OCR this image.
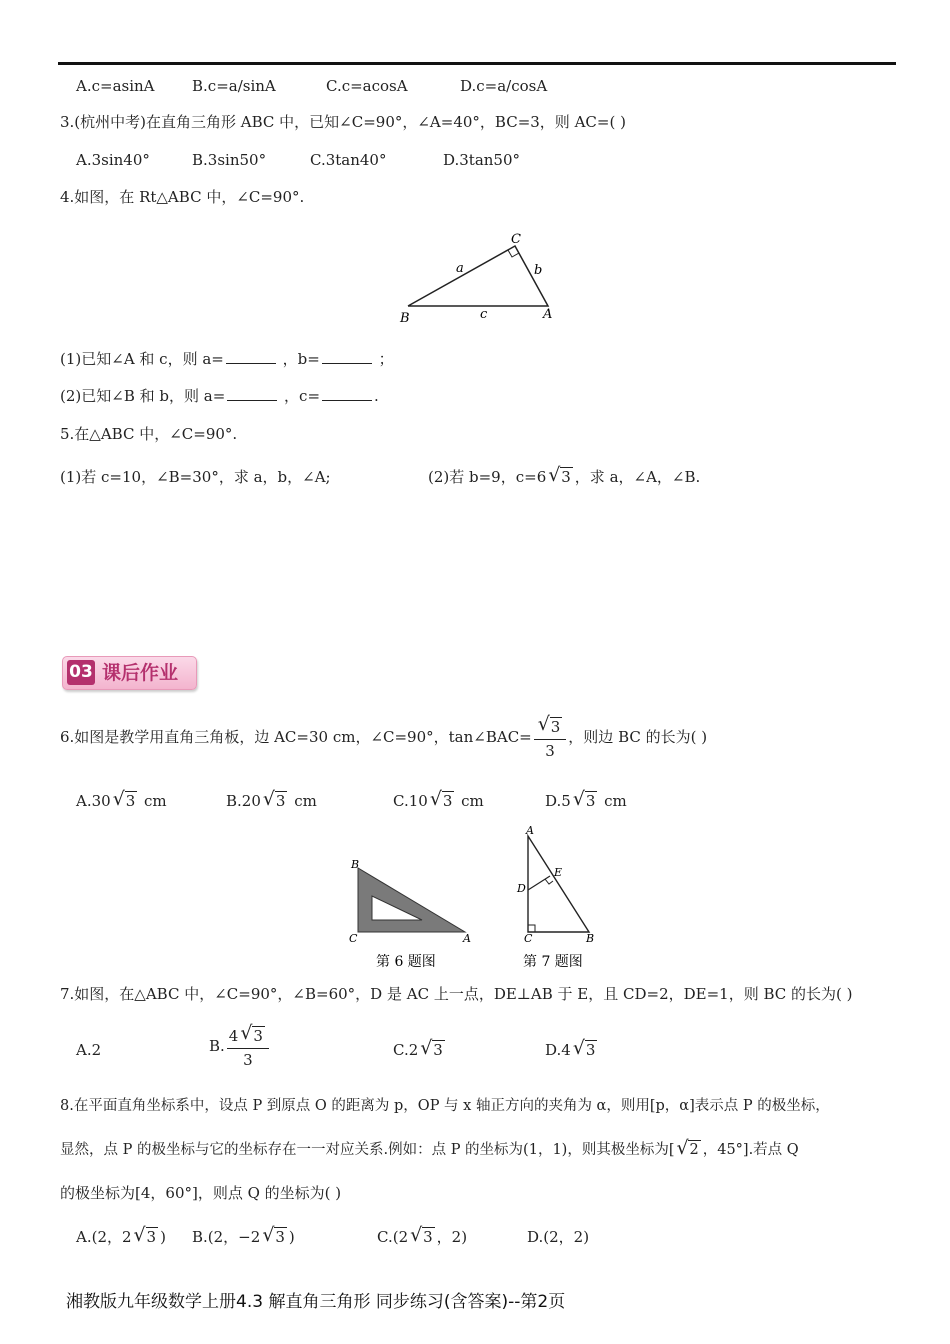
A.c=asinA B.c=a/sinA	C.c=acosA	D.c=a/cosA
3.(杭州中考)在直角三角形 ABC 中，已知∠C=90°，∠A=40°，BC=3，则 AC=( )
A.3sin40°	B.3sin50°	C.3tan40°	D.3tan50°
4.如图，在 Rt△ABC 中，∠C=90°.
C
a	b
B	c	A
(1)已知∠A 和 c，则 a=	，b=	；
(2)已知∠B 和 b，则 a=	，c=	.
5.在△ABC 中，∠C=90°.
(1)若 c=10，∠B=30°，求 a，b，∠A;	(2)若 b=9，c=6 √ 3 ，求 a，∠A，∠B.
03 课后作业
6.如图是教学用直角三角板，边 AC=30 cm，∠C=90°，tan∠BAC= $\frac{√ 3}{3}$ ，则边 BC 的长为( )
A.30 √ 3 cm	B.20 √ 3 cm	C.10 √ 3 cm	D.5 √ 3 cm
B
C	A
第 6 题图
A
E
D
C	B
第 7 题图
7.如图，在△ABC 中，∠C=90°，∠B=60°，D 是 AC 上一点，DE⊥AB 于 E，且 CD=2，DE=1，则 BC 的长为( )
A.2	B. $\frac{4 √ 3}{3}$	C.2 √ 3	D.4 √ 3
8.在平面直角坐标系中，设点 P 到原点 O 的距离为 p，OP 与 x 轴正方向的夹角为 α，则用[p，α]表示点 P 的极坐标，
显然，点 P 的极坐标与它的坐标存在一一对应关系.例如：点 P 的坐标为(1，1)，则其极坐标为[ √ 2 ，45°].若点 Q
的极坐标为[4，60°]，则点 Q 的坐标为( )
A.(2，2 √ 3 ) B.(2，−2 √ 3 )	C.(2 √ 3 ，2)	D.(2，2)
湘教版九年级数学上册4.3 解直角三角形 同步练习(含答案)--第2页
